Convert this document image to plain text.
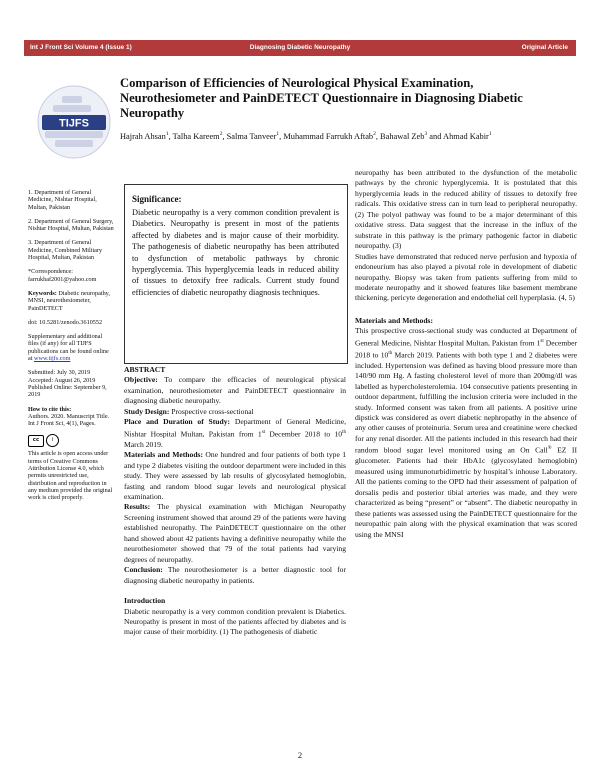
Int J Front Sci Volume 4 (Issue 1)	Diagnosing Diabetic Neuropathy	Original Article
TIJFS
Comparison of Efficiencies of Neurological Physical Examination, Neurothesiometer and PainDETECT Questionnaire in Diagnosing Diabetic Neuropathy
Hajrah Ahsan$^1$, Talha Kareem$^2$, Salma Tanveer$^1$, Muhammad Farrukh Aftab$^2$, Bahawal Zeb$^3$ and Ahmad Kabir$^1$
1. Department of General Medicine, Nishtar Hospital, Multan, Pakistan
2. Department of General Surgery, Nishtar Hospital, Multan, Pakistan

3. Department of General Medicine, Combined Military Hospital, Multan, Pakistan

*Correspondence: farrukhaf2001@yahoo.com

Keywords: Diabetic neuropathy, MNSI, neurothesiometer, PainDETECT

doi: 10.5281/zenodo.3610552

Supplementary and additional files (if any) for all TIJFS publications can be found online at www.tijfs.com

Submitted: July 30, 2019
Accepted: August 26, 2019
Published Online: September 9, 2019

How to cite this:
Authors. 2020. Manuscript Title. Int J Front Sci, 4(1), Pages.

cc	i

This article is open access under terms of Creative Commons Attribution License 4.0, which permits unrestricted use, distribution and reproduction in any medium provided the original work is cited properly.

Significance:
Diabetic neuropathy is a very common condition prevalent is Diabetics. Neuropathy is present in most of the patients affected by diabetes and is major cause of their morbidity. The pathogenesis of diabetic neuropathy has been attributed to dysfunction of metabolic pathways by chronic hyperglycemia. This hyperglycemia leads in reduced ability of tissues to detoxify free radicals. Current study found efficiencies of diabetic neuropathy diagnosis techniques.

ABSTRACT

Objective: To compare the efficacies of neurological physical examination, neurothesiometer and PainDETECT questionnaire in diagnosing diabetic neuropathy.

Study Design: Prospective cross-sectional

Place and Duration of Study: Department of General Medicine, Nishtar Hospital Multan, Pakistan from 1st December 2018 to 10th March 2019.

Materials and Methods: One hundred and four patients of both type 1 and type 2 diabetes visiting the outdoor department were included in this study. They were assessed by lab results of glycosylated hemoglobin, fasting and random blood sugar levels and neurological physical examination.

Results: The physical examination with Michigan Neuropathy Screening instrument showed that around 29 of the patients were having established neuropathy. The PainDETECT questionnaire on the other hand showed about 42 patients having a definitive neuropathy while the neurothesiometer showed that 79 of the total patients had varying degrees of neuropathy.

Conclusion: The neurothesiometer is a better diagnostic tool for diagnosing diabetic neuropathy in patients.

Introduction

Diabetic neuropathy is a very common condition prevalent is Diabetics. Neuropathy is present in most of the patients affected by diabetes and is major cause of their morbidity. (1) The pathogenesis of diabetic

neuropathy has been attributed to the dysfunction of the metabolic pathways by the chronic hyperglycemia. It is postulated that this hyperglycemia leads in the reduced ability of tissues to detoxify free radicals. This oxidative stress can in turn lead to peripheral neuropathy. (2) The polyol pathway was found to be a major determinant of this oxidative stress. Data suggest that the increase in the influx of the substrate in this pathway is the primary pathogenic factor in diabetic neuropathy. (3)

Studies have demonstrated that reduced nerve perfusion and hypoxia of endoneurium has also played a pivotal role in development of diabetic neuropathy. Biopsy was taken from patients suffering from mild to moderate neuropathy and it showed features like basement membrane thickening, pericyte degeneration and endothelial cell hyperplasia. (4, 5)

Materials and Methods:

This prospective cross-sectional study was conducted at Department of General Medicine, Nishtar Hospital Multan, Pakistan from 1st December 2018 to 10th March 2019. Patients with both type 1 and 2 diabetes were included. Hypertension was defined as having blood pressure more than 140/90 mm Hg. A fasting cholesterol level of more than 200mg/dl was labelled as hypercholesterolemia. 104 consecutive patients presenting in outdoor department, fulfilling the inclusion criteria were included in the study. Informed consent was taken from all patients. A positive urine dipstick was considered as overt diabetic nephropathy in the absence of any other causes of proteinuria. Serum urea and creatinine were checked for any renal disorder. All the patients included in this research had their random blood sugar level monitored using an On Call® EZ II glucometer. Patients had their HbA1c (glycosylated hemoglobin) measured using immunoturbidimetric by hospital’s inhouse Laboratory. All the patients coming to the OPD had their assessment of palpation of dorsalis pedis and posterior tibial arteries was made, and they were characterized as being “present” or “absent”. The diabetic neuropathy in these patients was assessed using the PainDETECT questionnaire for the neuropathic pain along with the physical examination that was scored using the MNSI

2
